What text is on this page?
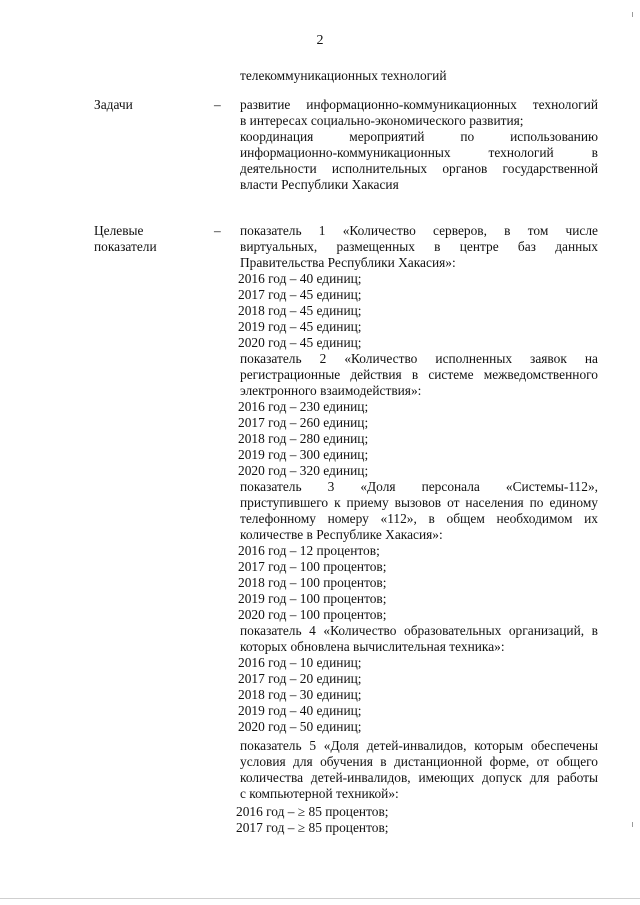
2
телекоммуникационных технологий
Задачи	– развитие информационно-коммуникационных технологий
в интересах социально-экономического развития;
координация мероприятий по использованию
информационно-коммуникационных технологий в
деятельности исполнительных органов государственной
власти Республики Хакасия
Целевые
показатели
– показатель 1 «Количество серверов, в том числе
виртуальных, размещенных в центре баз данных
Правительства Республики Хакасия»:
2016 год – 40 единиц;
2017 год – 45 единиц;
2018 год – 45 единиц;
2019 год – 45 единиц;
2020 год – 45 единиц;
показатель 2 «Количество исполненных заявок на
регистрационные действия в системе межведомственного
электронного взаимодействия»:
2016 год – 230 единиц;
2017 год – 260 единиц;
2018 год – 280 единиц;
2019 год – 300 единиц;
2020 год – 320 единиц;
показатель 3 «Доля персонала «Системы-112»,
приступившего к приему вызовов от населения по единому
телефонному номеру «112», в общем необходимом их
количестве в Республике Хакасия»:
2016 год – 12 процентов;
2017 год – 100 процентов;
2018 год – 100 процентов;
2019 год – 100 процентов;
2020 год – 100 процентов;
показатель 4 «Количество образовательных организаций, в
которых обновлена вычислительная техника»:
2016 год – 10 единиц;
2017 год – 20 единиц;
2018 год – 30 единиц;
2019 год – 40 единиц;
2020 год – 50 единиц;
показатель 5 «Доля детей-инвалидов, которым обеспечены
условия для обучения в дистанционной форме, от общего
количества детей-инвалидов, имеющих допуск для работы
с компьютерной техникой»:
2016 год – ≥ 85 процентов;
2017 год – ≥ 85 процентов;
